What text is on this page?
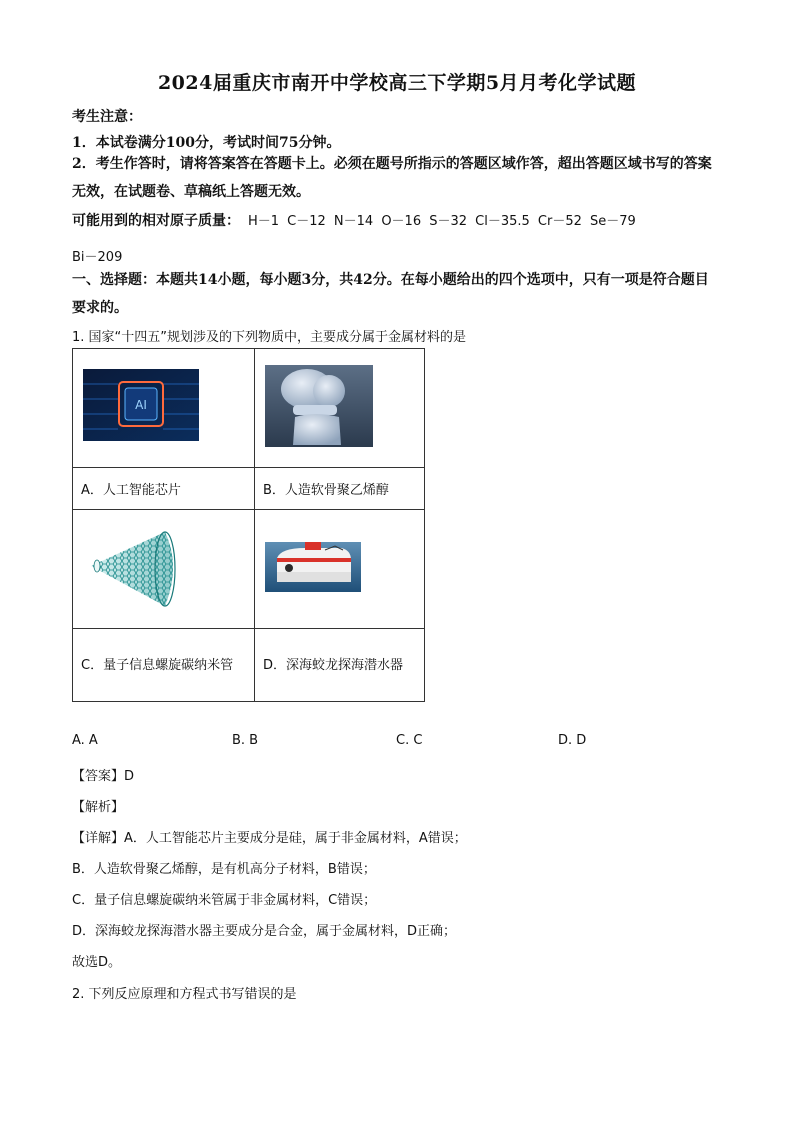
2024届重庆市南开中学校高三下学期5月月考化学试题
考生注意：
1．本试卷满分100分，考试时间75分钟。
2．考生作答时，请将答案答在答题卡上。必须在题号所指示的答题区域作答，超出答题区域书写的答案无效，在试题卷、草稿纸上答题无效。
可能用到的相对原子质量： H－1 C－12 N－14 O－16 S－32 Cl－35.5 Cr－52 Se－79
Bi－209
一、选择题：本题共14小题，每小题3分，共42分。在每小题给出的四个选项中，只有一项是符合题目要求的。
1. 国家“十四五”规划涉及的下列物质中，主要成分属于金属材料的是
AI

A．人工智能芯片	B．人造软骨聚乙烯醇

C．量子信息螺旋碳纳米管	D．深海蛟龙探海潜水器
A. A	B. B	C. C	D. D
【答案】D
【解析】
【详解】A．人工智能芯片主要成分是硅，属于非金属材料，A错误；
B．人造软骨聚乙烯醇，是有机高分子材料，B错误；
C．量子信息螺旋碳纳米管属于非金属材料，C错误；
D．深海蛟龙探海潜水器主要成分是合金，属于金属材料，D正确；
故选D。
2. 下列反应原理和方程式书写错误的是
